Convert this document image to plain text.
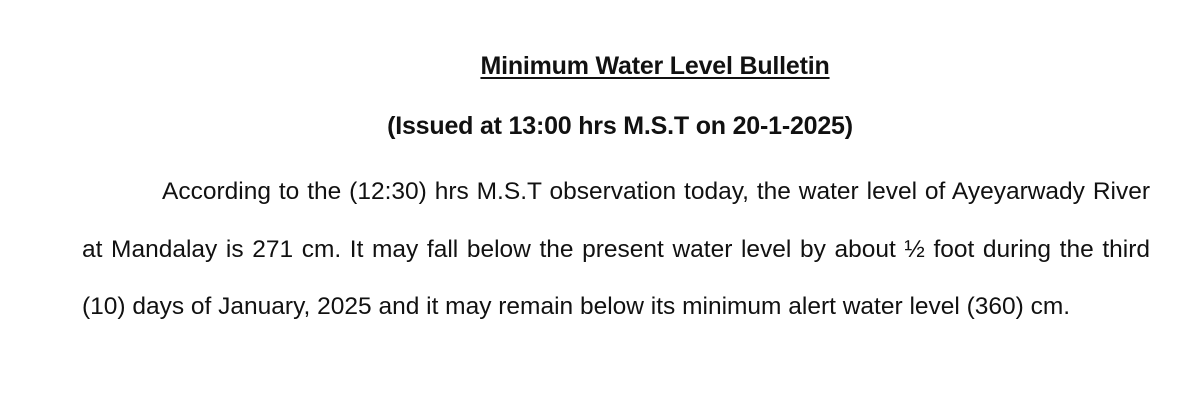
Minimum Water Level Bulletin
(Issued at 13:00 hrs M.S.T on 20-1-2025)

According to the (12:30) hrs M.S.T observation today, the water level of Ayeyarwady River at Mandalay is 271 cm. It may fall below the present water level by about ½ foot during the third (10) days of January, 2025 and it may remain below its minimum alert water level (360) cm.
